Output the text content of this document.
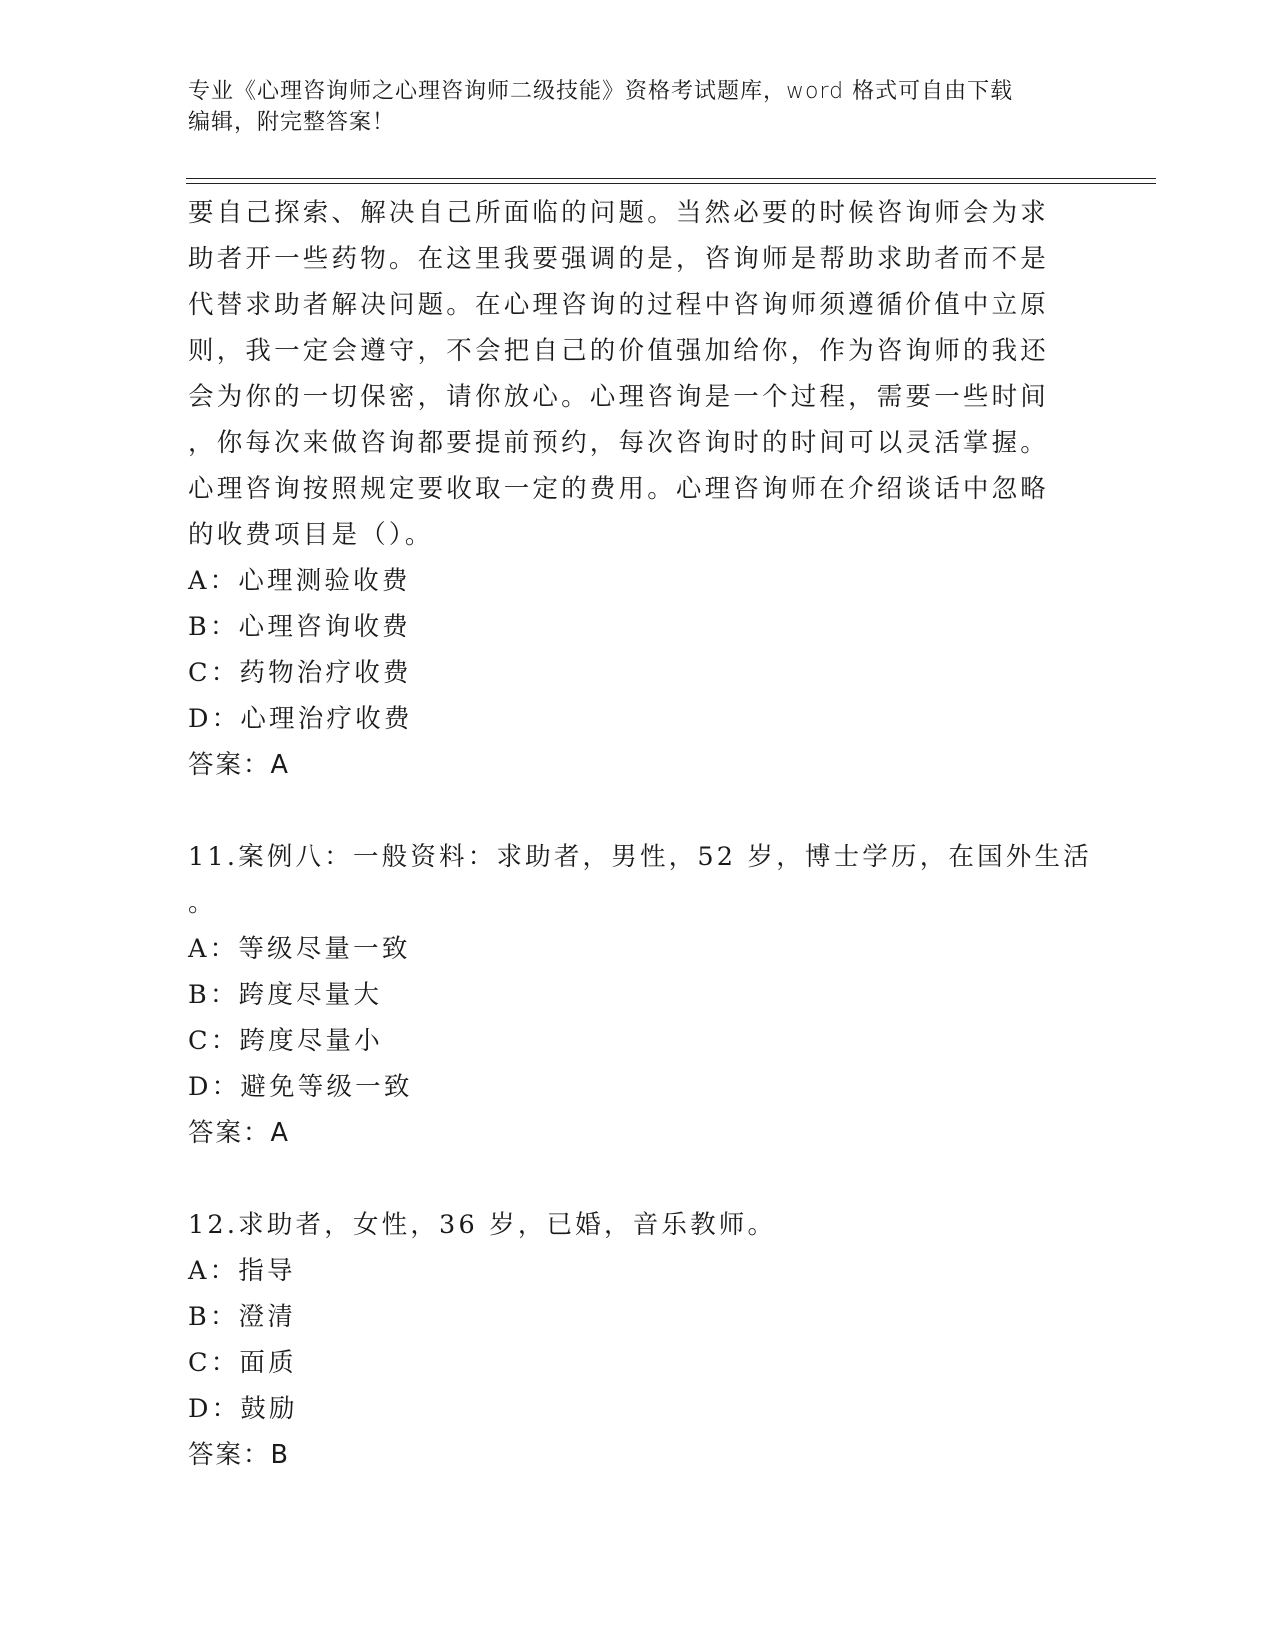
专业《心理咨询师之心理咨询师二级技能》资格考试题库，word 格式可自由下载
编辑，附完整答案！
要自己探索、解决自己所面临的问题。当然必要的时候咨询师会为求
助者开一些药物。在这里我要强调的是，咨询师是帮助求助者而不是
代替求助者解决问题。在心理咨询的过程中咨询师须遵循价值中立原
则，我一定会遵守，不会把自己的价值强加给你，作为咨询师的我还
会为你的一切保密，请你放心。心理咨询是一个过程，需要一些时间
，你每次来做咨询都要提前预约，每次咨询时的时间可以灵活掌握。
心理咨询按照规定要收取一定的费用。心理咨询师在介绍谈话中忽略
的收费项目是（）。
A：心理测验收费
B：心理咨询收费
C：药物治疗收费
D：心理治疗收费
答案：A
11.案例八：一般资料：求助者，男性，52 岁，博士学历，在国外生活
。
A：等级尽量一致
B：跨度尽量大
C：跨度尽量小
D：避免等级一致
答案：A
12.求助者，女性，36 岁，已婚，音乐教师。
A：指导
B：澄清
C：面质
D：鼓励
答案：B
